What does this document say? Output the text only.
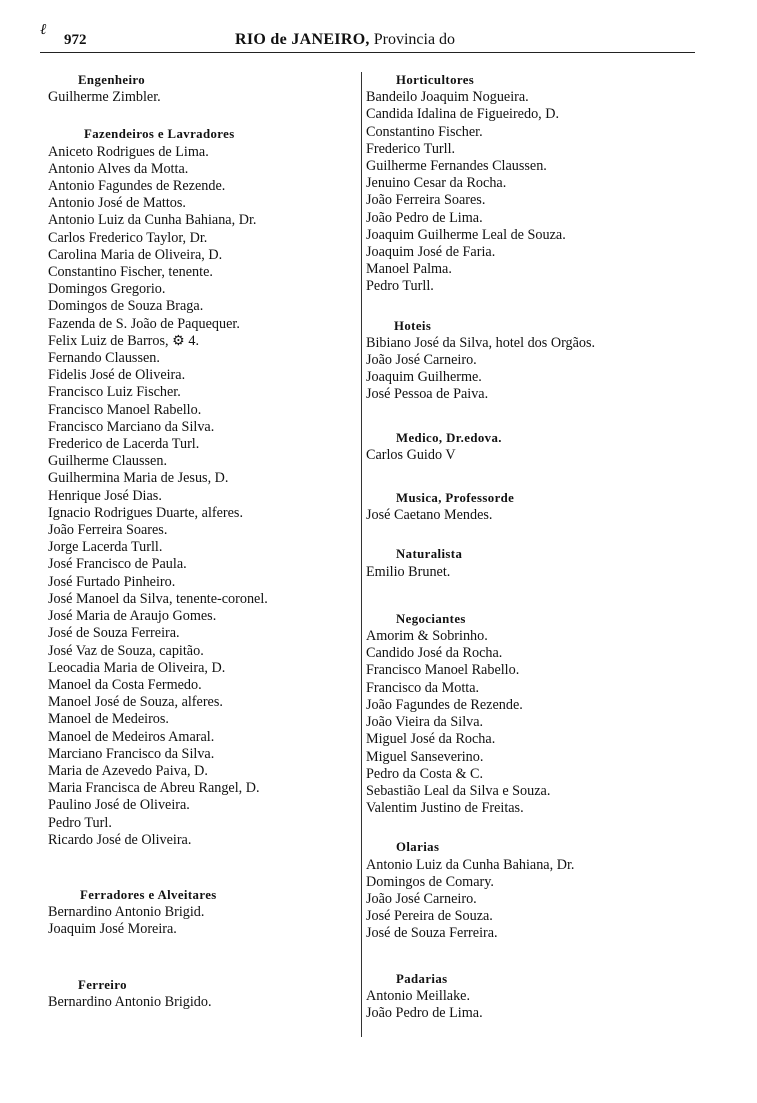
ℓ
972	RIO de JANEIRO, Provincia do
Engenheiro
Guilherme Zimbler.
Fazendeiros e Lavradores
Aniceto Rodrigues de Lima.
Antonio Alves da Motta.
Antonio Fagundes de Rezende.
Antonio José de Mattos.
Antonio Luiz da Cunha Bahiana, Dr.
Carlos Frederico Taylor, Dr.
Carolina Maria de Oliveira, D.
Constantino Fischer, tenente.
Domingos Gregorio.
Domingos de Souza Braga.
Fazenda de S. João de Paquequer.
Felix Luiz de Barros, ⚙ 4.
Fernando Claussen.
Fidelis José de Oliveira.
Francisco Luiz Fischer.
Francisco Manoel Rabello.
Francisco Marciano da Silva.
Frederico de Lacerda Turl.
Guilherme Claussen.
Guilhermina Maria de Jesus, D.
Henrique José Dias.
Ignacio Rodrigues Duarte, alferes.
João Ferreira Soares.
Jorge Lacerda Turll.
José Francisco de Paula.
José Furtado Pinheiro.
José Manoel da Silva, tenente-coronel.
José Maria de Araujo Gomes.
José de Souza Ferreira.
José Vaz de Souza, capitão.
Leocadia Maria de Oliveira, D.
Manoel da Costa Fermedo.
Manoel José de Souza, alferes.
Manoel de Medeiros.
Manoel de Medeiros Amaral.
Marciano Francisco da Silva.
Maria de Azevedo Paiva, D.
Maria Francisca de Abreu Rangel, D.
Paulino José de Oliveira.
Pedro Turl.
Ricardo José de Oliveira.
Ferradores e Alveitares
Bernardino Antonio Brigid.
Joaquim José Moreira.
Ferreiro
Bernardino Antonio Brigido.
Horticultores
Bandeilo Joaquim Nogueira.
Candida Idalina de Figueiredo, D.
Constantino Fischer.
Frederico Turll.
Guilherme Fernandes Claussen.
Jenuino Cesar da Rocha.
João Ferreira Soares.
João Pedro de Lima.
Joaquim Guilherme Leal de Souza.
Joaquim José de Faria.
Manoel Palma.
Pedro Turll.
Hoteis
Bibiano José da Silva, hotel dos Orgãos.
João José Carneiro.
Joaquim Guilherme.
José Pessoa de Paiva.
Medico, Dr.edova.
Carlos Guido V
Musica, Professorde
José Caetano Mendes.
Naturalista
Emilio Brunet.
Negociantes
Amorim & Sobrinho.
Candido José da Rocha.
Francisco Manoel Rabello.
Francisco da Motta.
João Fagundes de Rezende.
João Vieira da Silva.
Miguel José da Rocha.
Miguel Sanseverino.
Pedro da Costa & C.
Sebastião Leal da Silva e Souza.
Valentim Justino de Freitas.
Olarias
Antonio Luiz da Cunha Bahiana, Dr.
Domingos de Comary.
João José Carneiro.
José Pereira de Souza.
José de Souza Ferreira.
Padarias
Antonio Meillake.
João Pedro de Lima.
